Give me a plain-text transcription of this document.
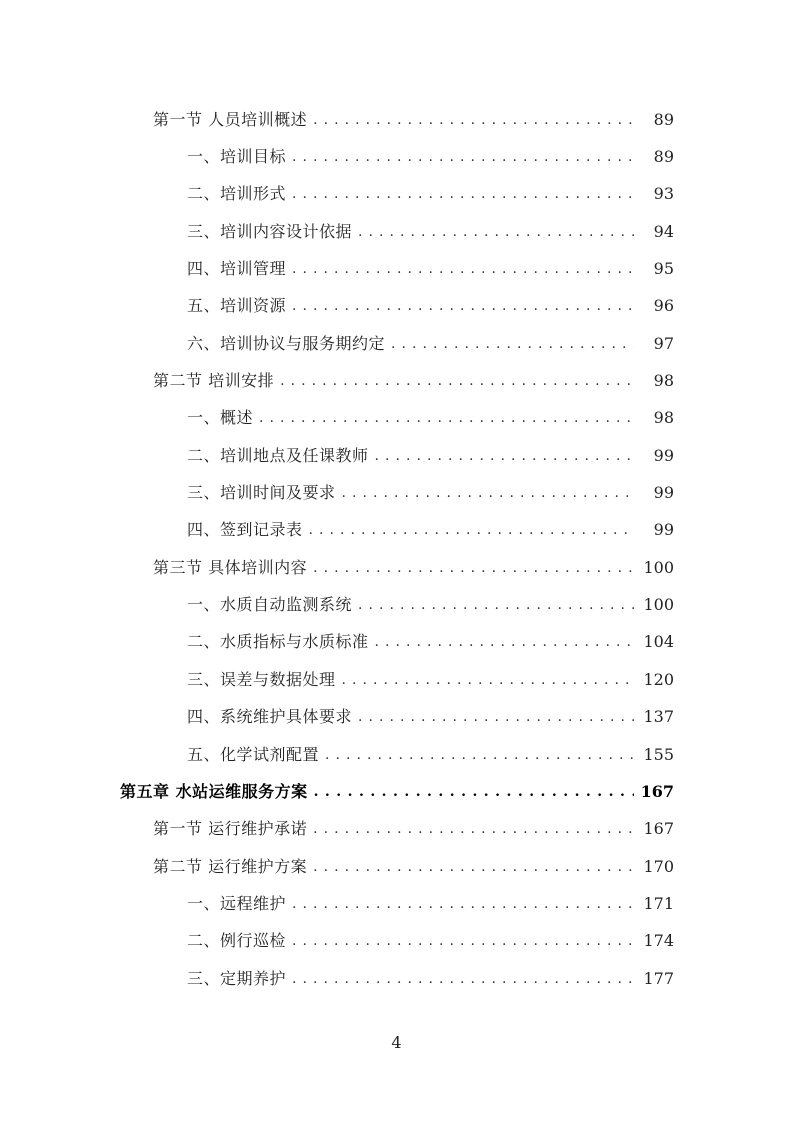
第一节 人员培训概述 . . .	89
一、培训目标 . . .	89
二、培训形式 . . .	93
三、培训内容设计依据 . . .	94
四、培训管理 . . .	95
五、培训资源 . . .	96
六、培训协议与服务期约定 . . .	97
第二节 培训安排 . . .	98
一、概述 . . .	98
二、培训地点及任课教师 . . .	99
三、培训时间及要求 . . .	99
四、签到记录表 . . .	99
第三节 具体培训内容 . . .	100
一、水质自动监测系统 . . .	100
二、水质指标与水质标准 . . .	104
三、误差与数据处理 . . .	120
四、系统维护具体要求 . . .	137
五、化学试剂配置 . . .	155
第五章 水站运维服务方案 . . .	167
第一节 运行维护承诺 . . .	167
第二节 运行维护方案 . . .	170
一、远程维护 . . .	171
二、例行巡检 . . .	174
三、定期养护 . . .	177
4
